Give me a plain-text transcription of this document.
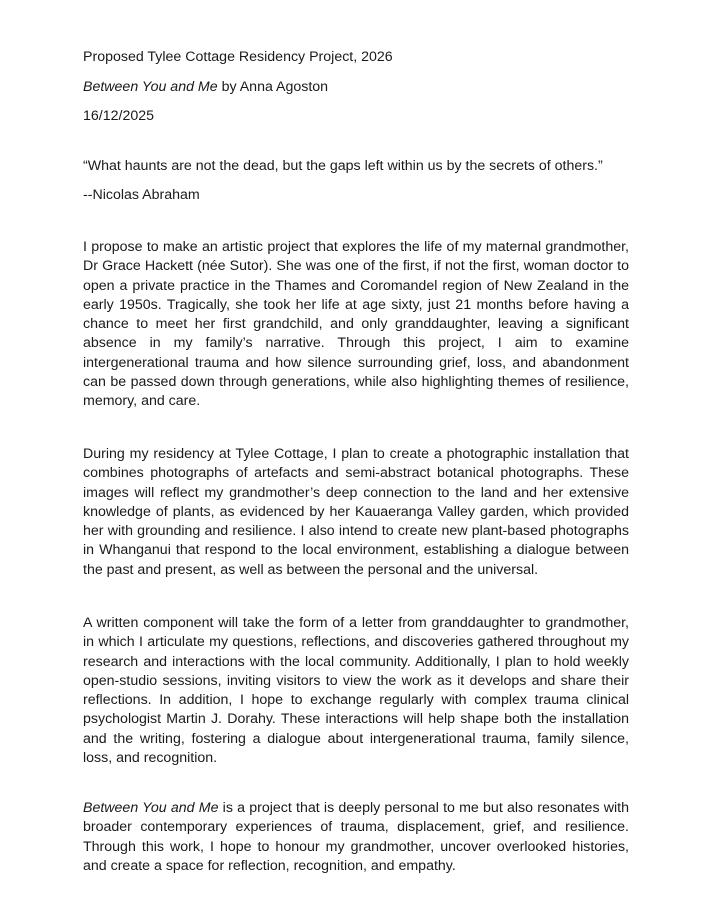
Proposed Tylee Cottage Residency Project, 2026
Between You and Me by Anna Agoston
16/12/2025
“What haunts are not the dead, but the gaps left within us by the secrets of others.”
--Nicolas Abraham

I propose to make an artistic project that explores the life of my maternal grandmother, Dr Grace Hackett (née Sutor). She was one of the first, if not the first, woman doctor to open a private practice in the Thames and Coromandel region of New Zealand in the early 1950s. Tragically, she took her life at age sixty, just 21 months before having a chance to meet her first grandchild, and only granddaughter, leaving a significant absence in my family’s narrative. Through this project, I aim to examine intergenerational trauma and how silence surrounding grief, loss, and abandonment can be passed down through generations, while also highlighting themes of resilience, memory, and care.

During my residency at Tylee Cottage, I plan to create a photographic installation that combines photographs of artefacts and semi-abstract botanical photographs. These images will reflect my grandmother’s deep connection to the land and her extensive knowledge of plants, as evidenced by her Kauaeranga Valley garden, which provided her with grounding and resilience. I also intend to create new plant-based photographs in Whanganui that respond to the local environment, establishing a dialogue between the past and present, as well as between the personal and the universal.

A written component will take the form of a letter from granddaughter to grandmother, in which I articulate my questions, reflections, and discoveries gathered throughout my research and interactions with the local community. Additionally, I plan to hold weekly open-studio sessions, inviting visitors to view the work as it develops and share their reflections. In addition, I hope to exchange regularly with complex trauma clinical psychologist Martin J. Dorahy. These interactions will help shape both the installation and the writing, fostering a dialogue about intergenerational trauma, family silence, loss, and recognition.

Between You and Me is a project that is deeply personal to me but also resonates with broader contemporary experiences of trauma, displacement, grief, and resilience. Through this work, I hope to honour my grandmother, uncover overlooked histories, and create a space for reflection, recognition, and empathy.
